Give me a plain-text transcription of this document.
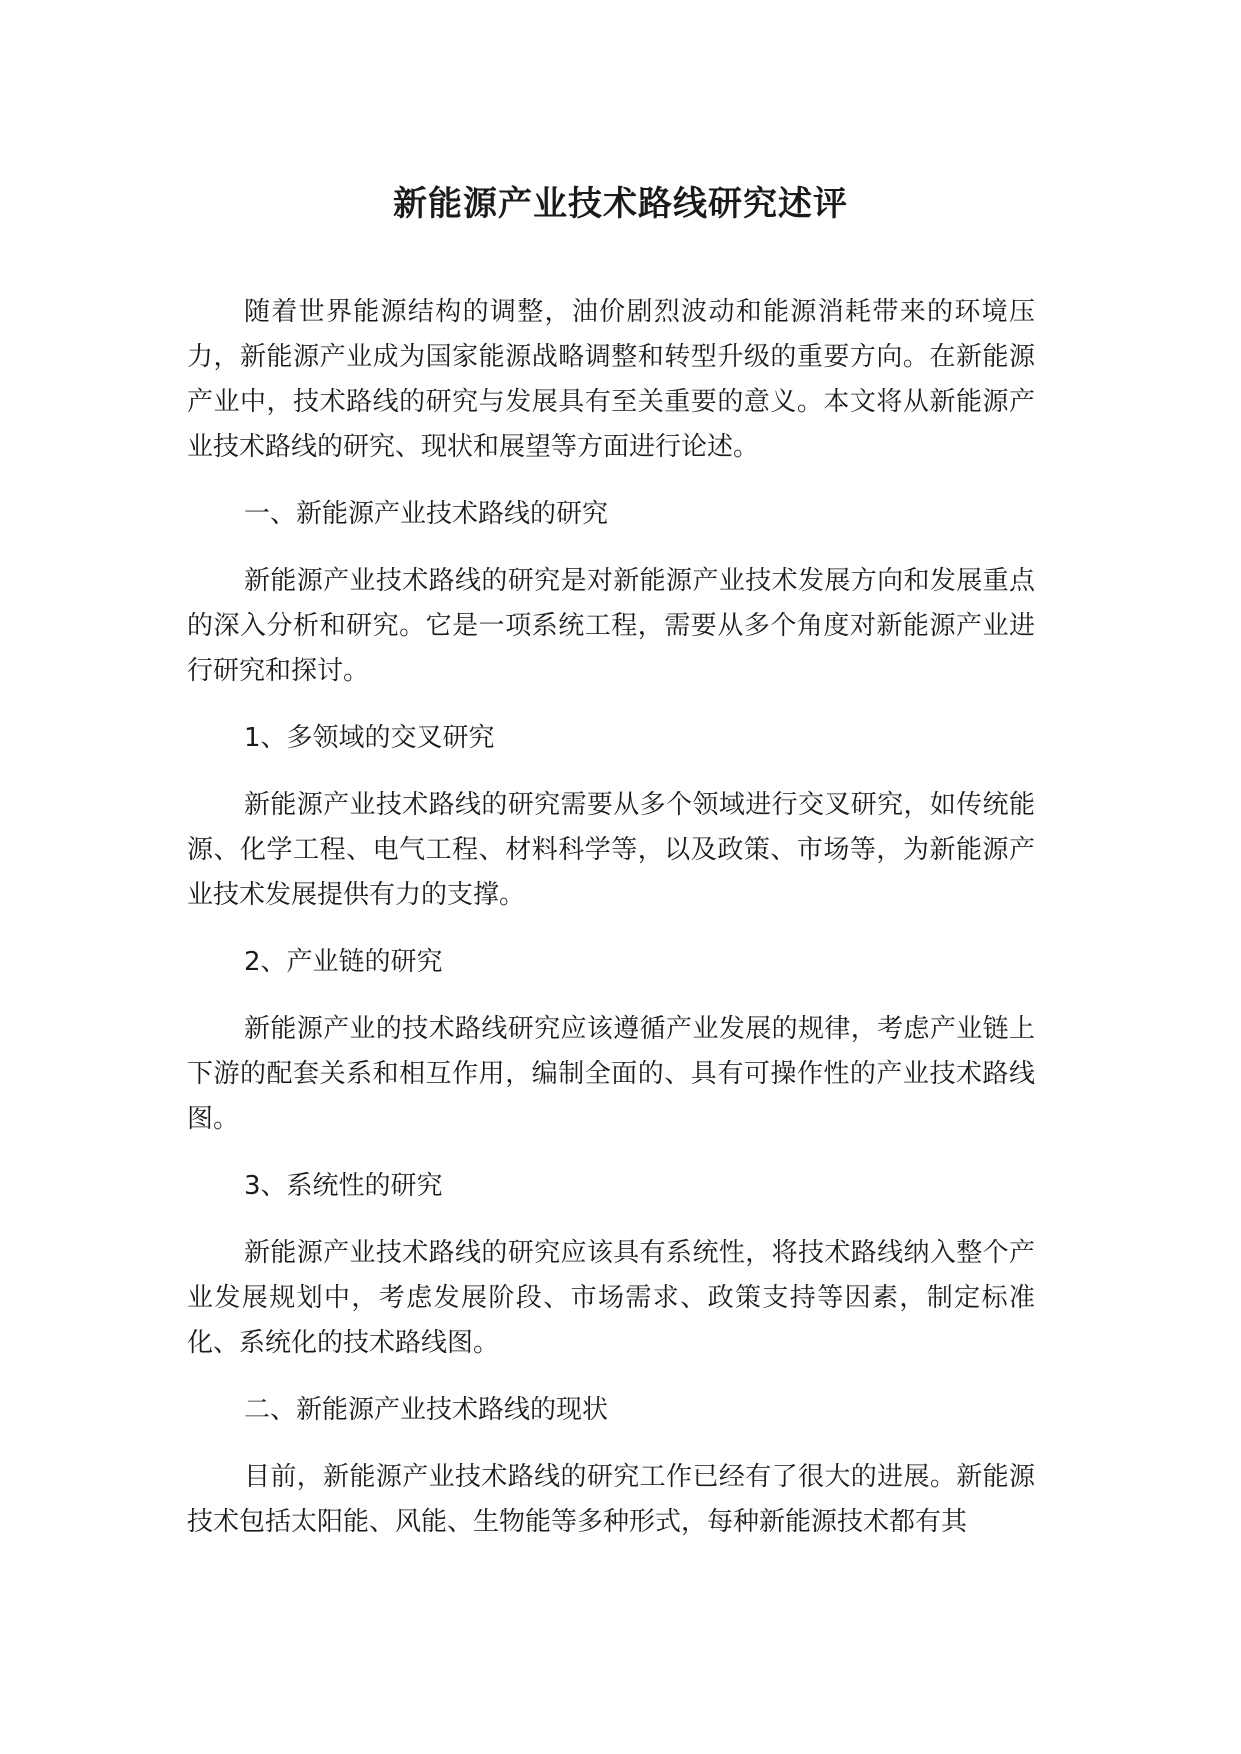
新能源产业技术路线研究述评

随着世界能源结构的调整，油价剧烈波动和能源消耗带来的环境压力，新能源产业成为国家能源战略调整和转型升级的重要方向。在新能源产业中，技术路线的研究与发展具有至关重要的意义。本文将从新能源产业技术路线的研究、现状和展望等方面进行论述。

一、新能源产业技术路线的研究

新能源产业技术路线的研究是对新能源产业技术发展方向和发展重点的深入分析和研究。它是一项系统工程，需要从多个角度对新能源产业进行研究和探讨。

1、多领域的交叉研究

新能源产业技术路线的研究需要从多个领域进行交叉研究，如传统能源、化学工程、电气工程、材料科学等，以及政策、市场等，为新能源产业技术发展提供有力的支撑。

2、产业链的研究

新能源产业的技术路线研究应该遵循产业发展的规律，考虑产业链上下游的配套关系和相互作用，编制全面的、具有可操作性的产业技术路线图。

3、系统性的研究

新能源产业技术路线的研究应该具有系统性，将技术路线纳入整个产业发展规划中，考虑发展阶段、市场需求、政策支持等因素，制定标准化、系统化的技术路线图。

二、新能源产业技术路线的现状

目前，新能源产业技术路线的研究工作已经有了很大的进展。新能源技术包括太阳能、风能、生物能等多种形式，每种新能源技术都有其
